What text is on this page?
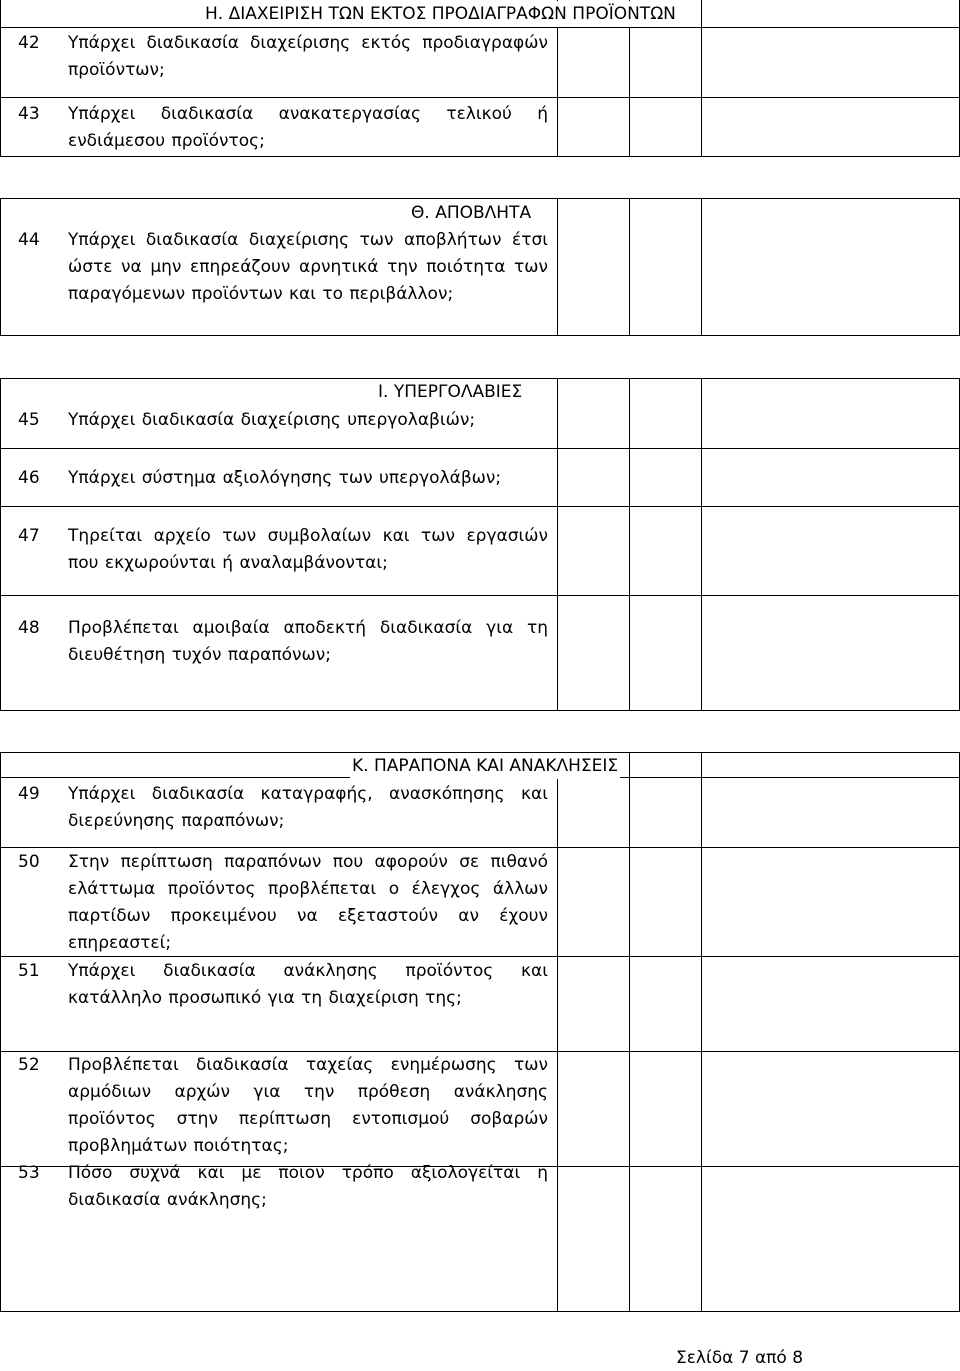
Η. ΔΙΑΧΕΙΡΙΣΗ ΤΩΝ ΕΚΤΟΣ ΠΡΟΔΙΑΓΡΑΦΩΝ ΠΡΟΪΟΝΤΩΝ
42 Υπάρχει διαδικασία διαχείρισης εκτός προδιαγραφών προϊόντων;
43 Υπάρχει διαδικασία ανακατεργασίας τελικού ή ενδιάμεσου προϊόντος;
Θ. ΑΠΟΒΛΗΤΑ
44 Υπάρχει διαδικασία διαχείρισης των αποβλήτων έτσι ώστε να μην επηρεάζουν αρνητικά την ποιότητα των παραγόμενων προϊόντων και το περιβάλλον;
Ι. ΥΠΕΡΓΟΛΑΒΙΕΣ
45 Υπάρχει διαδικασία διαχείρισης υπεργολαβιών;
46 Υπάρχει σύστημα αξιολόγησης των υπεργολάβων;
47 Τηρείται αρχείο των συμβολαίων και των εργασιών που εκχωρούνται ή αναλαμβάνονται;
48 Προβλέπεται αμοιβαία αποδεκτή διαδικασία για τη διευθέτηση τυχόν παραπόνων;
Κ. ΠΑΡΑΠΟΝΑ ΚΑΙ ΑΝΑΚΛΗΣΕΙΣ
49 Υπάρχει διαδικασία καταγραφής, ανασκόπησης και διερεύνησης παραπόνων;
50 Στην περίπτωση παραπόνων που αφορούν σε πιθανό ελάττωμα προϊόντος προβλέπεται ο έλεγχος άλλων παρτίδων προκειμένου να εξεταστούν αν έχουν επηρεαστεί;
51 Υπάρχει διαδικασία ανάκλησης προϊόντος και κατάλληλο προσωπικό για τη διαχείριση της;
52 Προβλέπεται διαδικασία ταχείας ενημέρωσης των αρμόδιων αρχών για την πρόθεση ανάκλησης προϊόντος στην περίπτωση εντοπισμού σοβαρών προβλημάτων ποιότητας;
53 Πόσο συχνά και με ποιον τρόπο αξιολογείται η διαδικασία ανάκλησης;
Σελίδα 7 από 8
